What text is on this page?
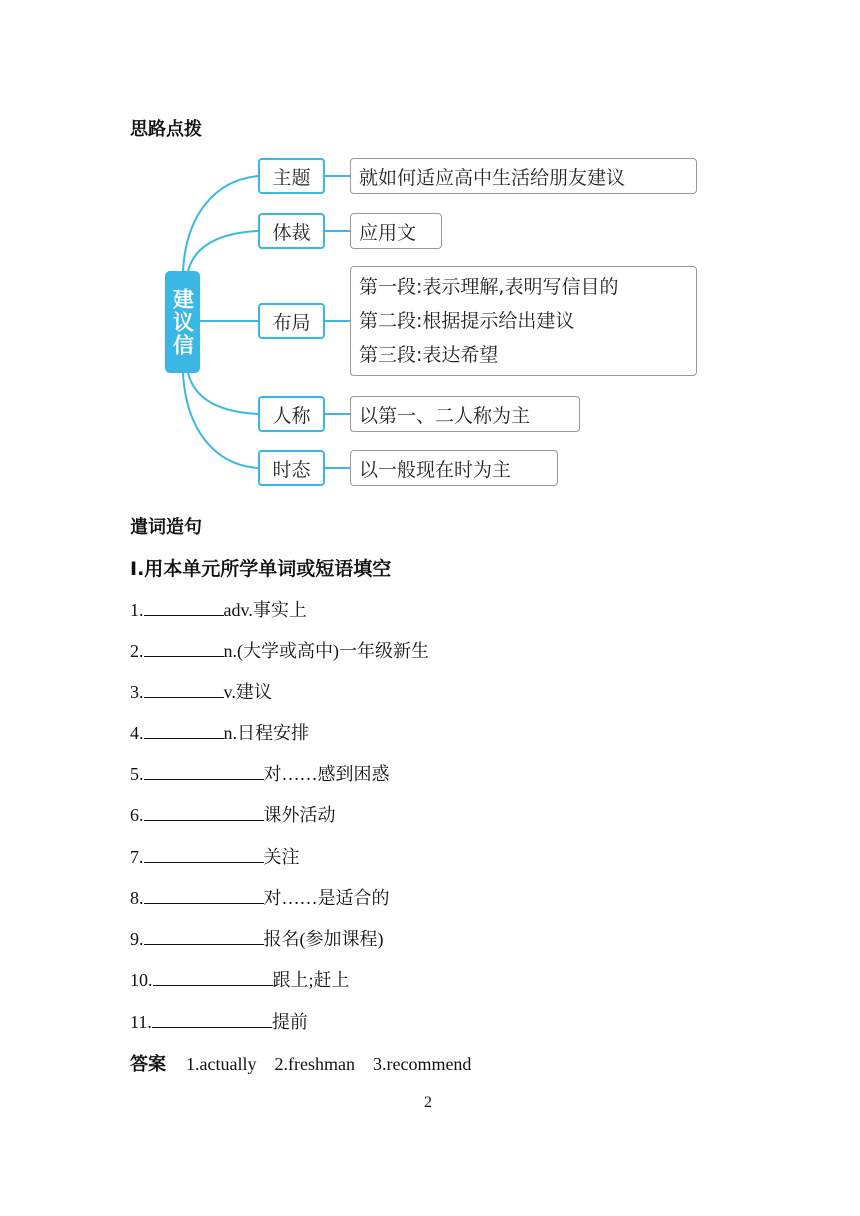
思路点拨
建议信
主题	就如何适应高中生活给朋友建议
体裁	应用文
布局
第一段:表示理解,表明写信目的
第二段:根据提示给出建议
第三段:表达希望
人称	以第一、二人称为主
时态	以一般现在时为主
遣词造句
Ⅰ.用本单元所学单词或短语填空
1.	adv.事实上
2.	n.(大学或高中)一年级新生
3.	v.建议
4.	n.日程安排
5.	对……感到困惑
6.	课外活动
7.	关注
8.	对……是适合的
9.	报名(参加课程)
10.	跟上;赶上
11.	提前
答案 1.actually 2.freshman 3.recommend
2
